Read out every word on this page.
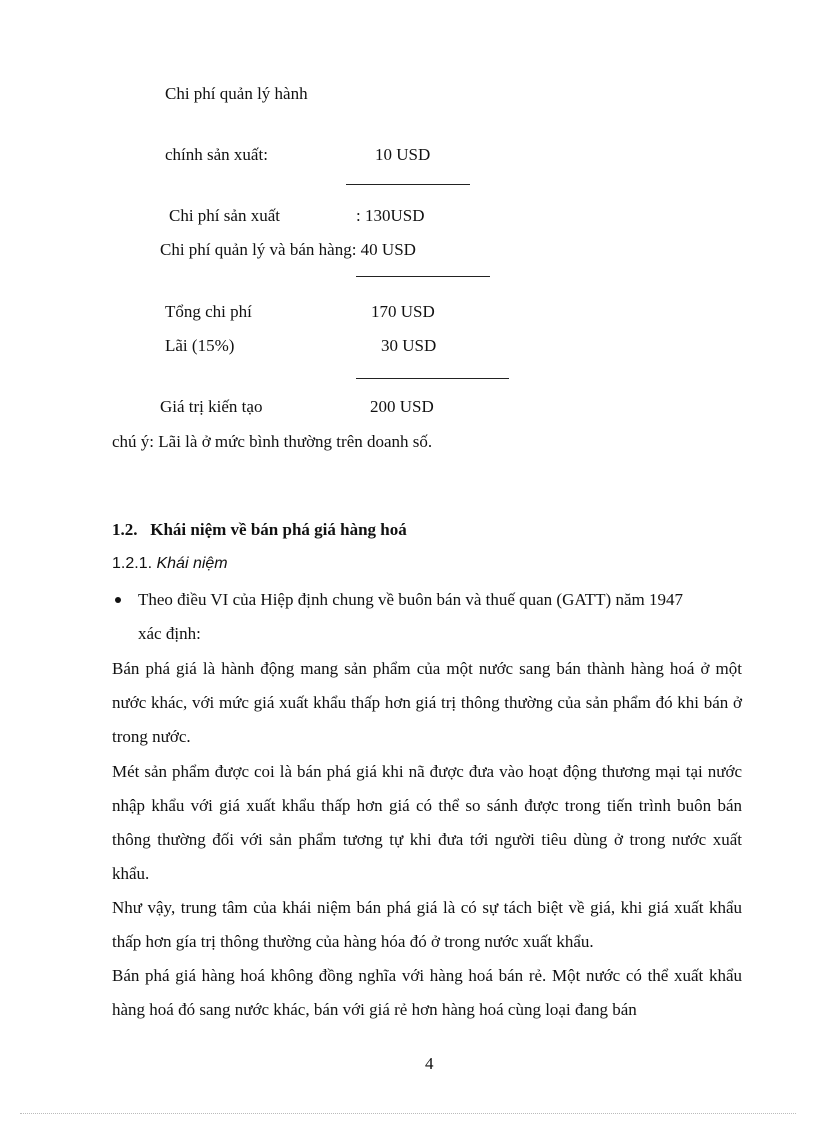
Chi phí quản lý hành
chính sản xuất:	10 USD
Chi phí sản xuất	: 130USD
Chi phí quản lý và bán hàng: 40 USD
Tổng chi phí	170 USD
Lãi (15%)	30 USD
Giá trị kiến tạo	200 USD
chú ý: Lãi là ở mức bình thường trên doanh số.
1.2.   Khái niệm về bán phá giá hàng hoá
1.2.1. Khái niệm
Theo điều VI của Hiệp định chung về buôn bán và thuế quan (GATT) năm 1947
xác định:
Bán phá giá là hành động mang sản phẩm của một nước sang bán thành hàng hoá ở một nước khác, với mức giá xuất khẩu thấp hơn giá trị thông thường của sản phẩm đó khi bán ở trong nước.
Mét sản phẩm được coi là bán phá giá khi nã được đưa vào hoạt động thương mại tại nước nhập khẩu với giá xuất khẩu thấp hơn giá có thể so sánh được trong tiến trình buôn bán thông thường đối với sản phẩm tương tự khi đưa tới người tiêu dùng ở trong nước xuất khẩu.
Như vậy, trung tâm của khái niệm bán phá giá là có sự tách biệt về giá, khi giá xuất khẩu thấp hơn gía trị thông thường của hàng hóa đó ở trong nước xuất khẩu.
Bán phá giá hàng hoá không đồng nghĩa với hàng hoá bán rẻ. Một nước có thể xuất khẩu hàng hoá đó sang nước khác, bán với giá rẻ hơn hàng hoá cùng loại đang bán
4
